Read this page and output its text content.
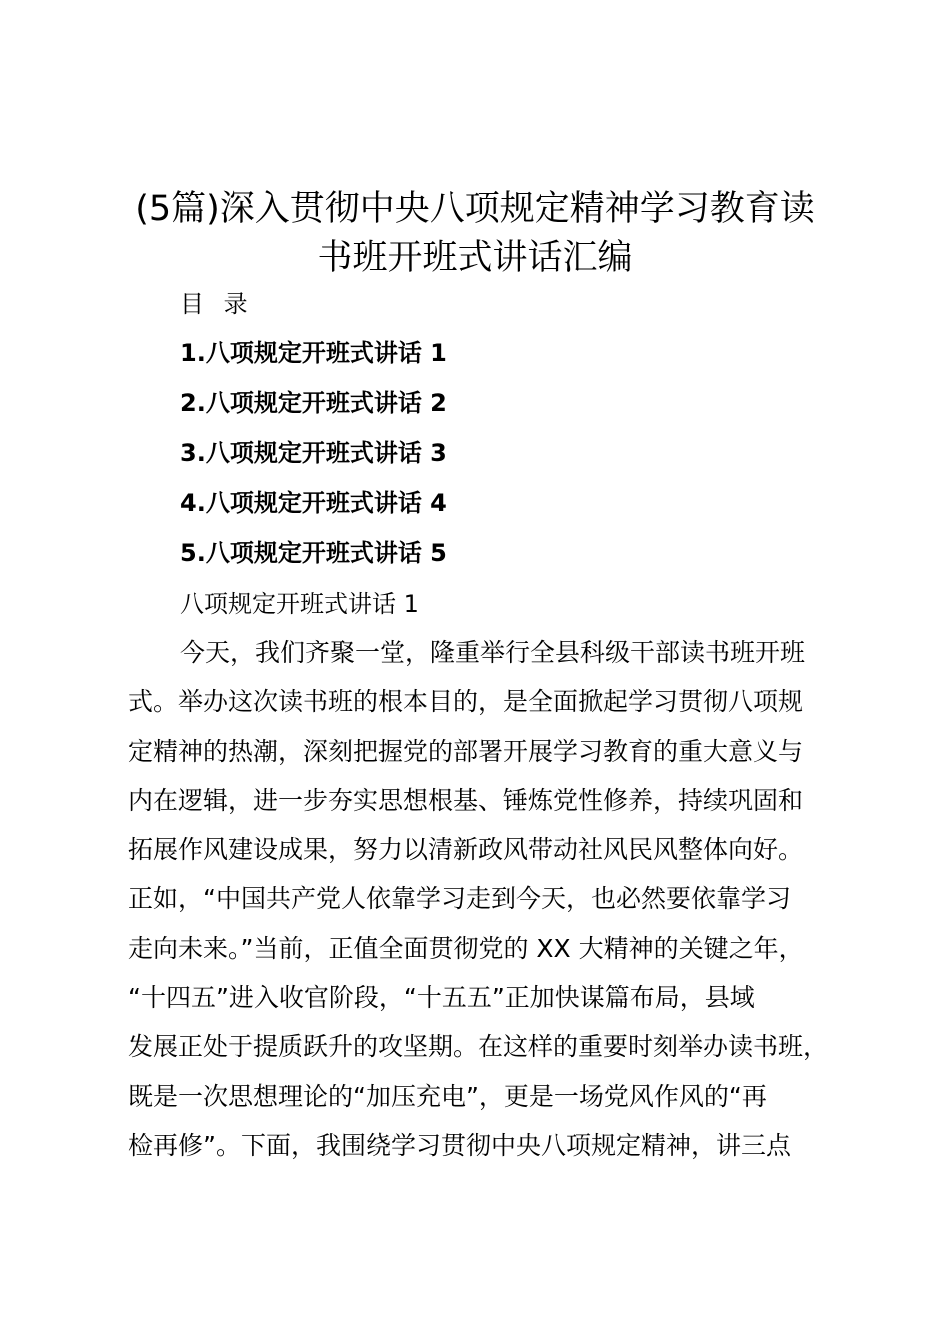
(5篇)深入贯彻中央八项规定精神学习教育读
书班开班式讲话汇编
目 录
1.八项规定开班式讲话 1
2.八项规定开班式讲话 2
3.八项规定开班式讲话 3
4.八项规定开班式讲话 4
5.八项规定开班式讲话 5
八项规定开班式讲话 1
今天，我们齐聚一堂，隆重举行全县科级干部读书班开班
式。举办这次读书班的根本目的，是全面掀起学习贯彻八项规
定精神的热潮，深刻把握党的部署开展学习教育的重大意义与
内在逻辑，进一步夯实思想根基、锤炼党性修养，持续巩固和
拓展作风建设成果，努力以清新政风带动社风民风整体向好。
正如，“中国共产党人依靠学习走到今天，也必然要依靠学习
走向未来。”当前，正值全面贯彻党的 XX 大精神的关键之年，
“十四五”进入收官阶段，“十五五”正加快谋篇布局，县域
发展正处于提质跃升的攻坚期。在这样的重要时刻举办读书班，
既是一次思想理论的“加压充电”，更是一场党风作风的“再
检再修”。下面，我围绕学习贯彻中央八项规定精神，讲三点
